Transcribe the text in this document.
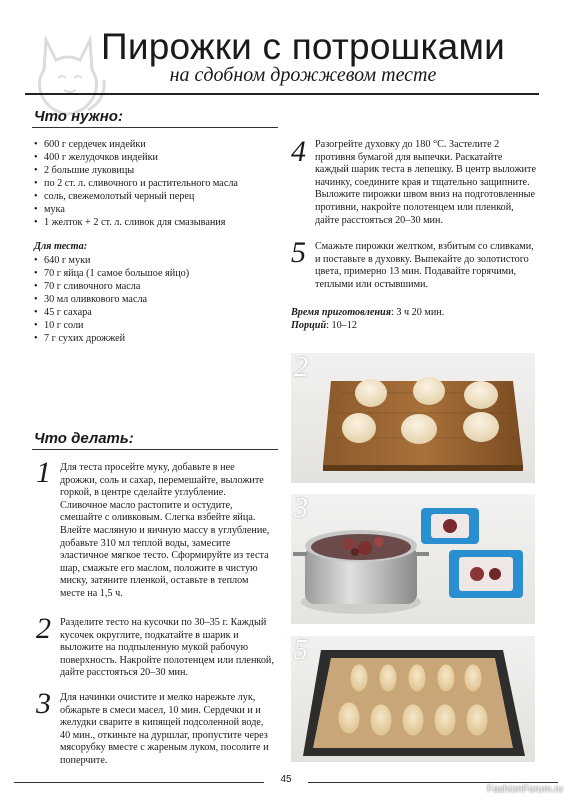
Пирожки с потрошками
на сдобном дрожжевом тесте
Что нужно:
• 600 г сердечек индейки
• 400 г желудочков индейки
• 2 большие луковицы
• по 2 ст. л. сливочного и растительного масла
• соль, свежемолотый черный перец
• мука
• 1 желток + 2 ст. л. сливок для смазывания
Для теста:
• 640 г муки
• 70 г яйца (1 самое большое яйцо)
• 70 г сливочного масла
• 30 мл оливкового масла
• 45 г сахара
• 10 г соли
• 7 г сухих дрожжей
Что делать:
1 Для теста просейте муку, добавьте в нее дрожжи, соль и сахар, перемешайте, выложите горкой, в центре сделайте углубление. Сливочное масло растопите и остудите, смешайте с оливковым. Слегка взбейте яйца. Влейте масляную и яичную массу в углубление, добавьте 310 мл теплой воды, замесите эластичное мягкое тесто. Сформируйте из теста шар, смажьте его маслом, положите в чистую миску, затяните пленкой, оставьте в теплом месте на 1,5 ч.
2 Разделите тесто на кусочки по 30–35 г. Каждый кусочек округлите, подкатайте в шарик и выложите на подпыленную мукой рабочую поверхность. Накройте полотенцем или пленкой, дайте расстояться 20–30 мин.
3 Для начинки очистите и мелко нарежьте лук, обжарьте в смеси масел, 10 мин. Сердечки и и желудки сварите в кипящей подсоленной воде, 40 мин., откиньте на дуршлаг, пропустите через мясорубку вместе с жареным луком, посолите и поперчите.
4 Разогрейте духовку до 180 °С. Застелите 2 противня бумагой для выпечки. Раскатайте каждый шарик теста в лепешку. В центр выложите начинку, соедините края и тщательно защипните. Выложите пирожки швом вниз на подготовленные противни, накройте полотенцем или пленкой, дайте расстояться 20–30 мин.
5 Смажьте пирожки желтком, взбитым со сливками, и поставьте в духовку. Выпекайте до золотистого цвета, примерно 13 мин. Подавайте горячими, теплыми или остывшими.
Время приготовления: 3 ч 20 мин.
Порций: 10–12
2
3
5
45
FashionForum.ru
